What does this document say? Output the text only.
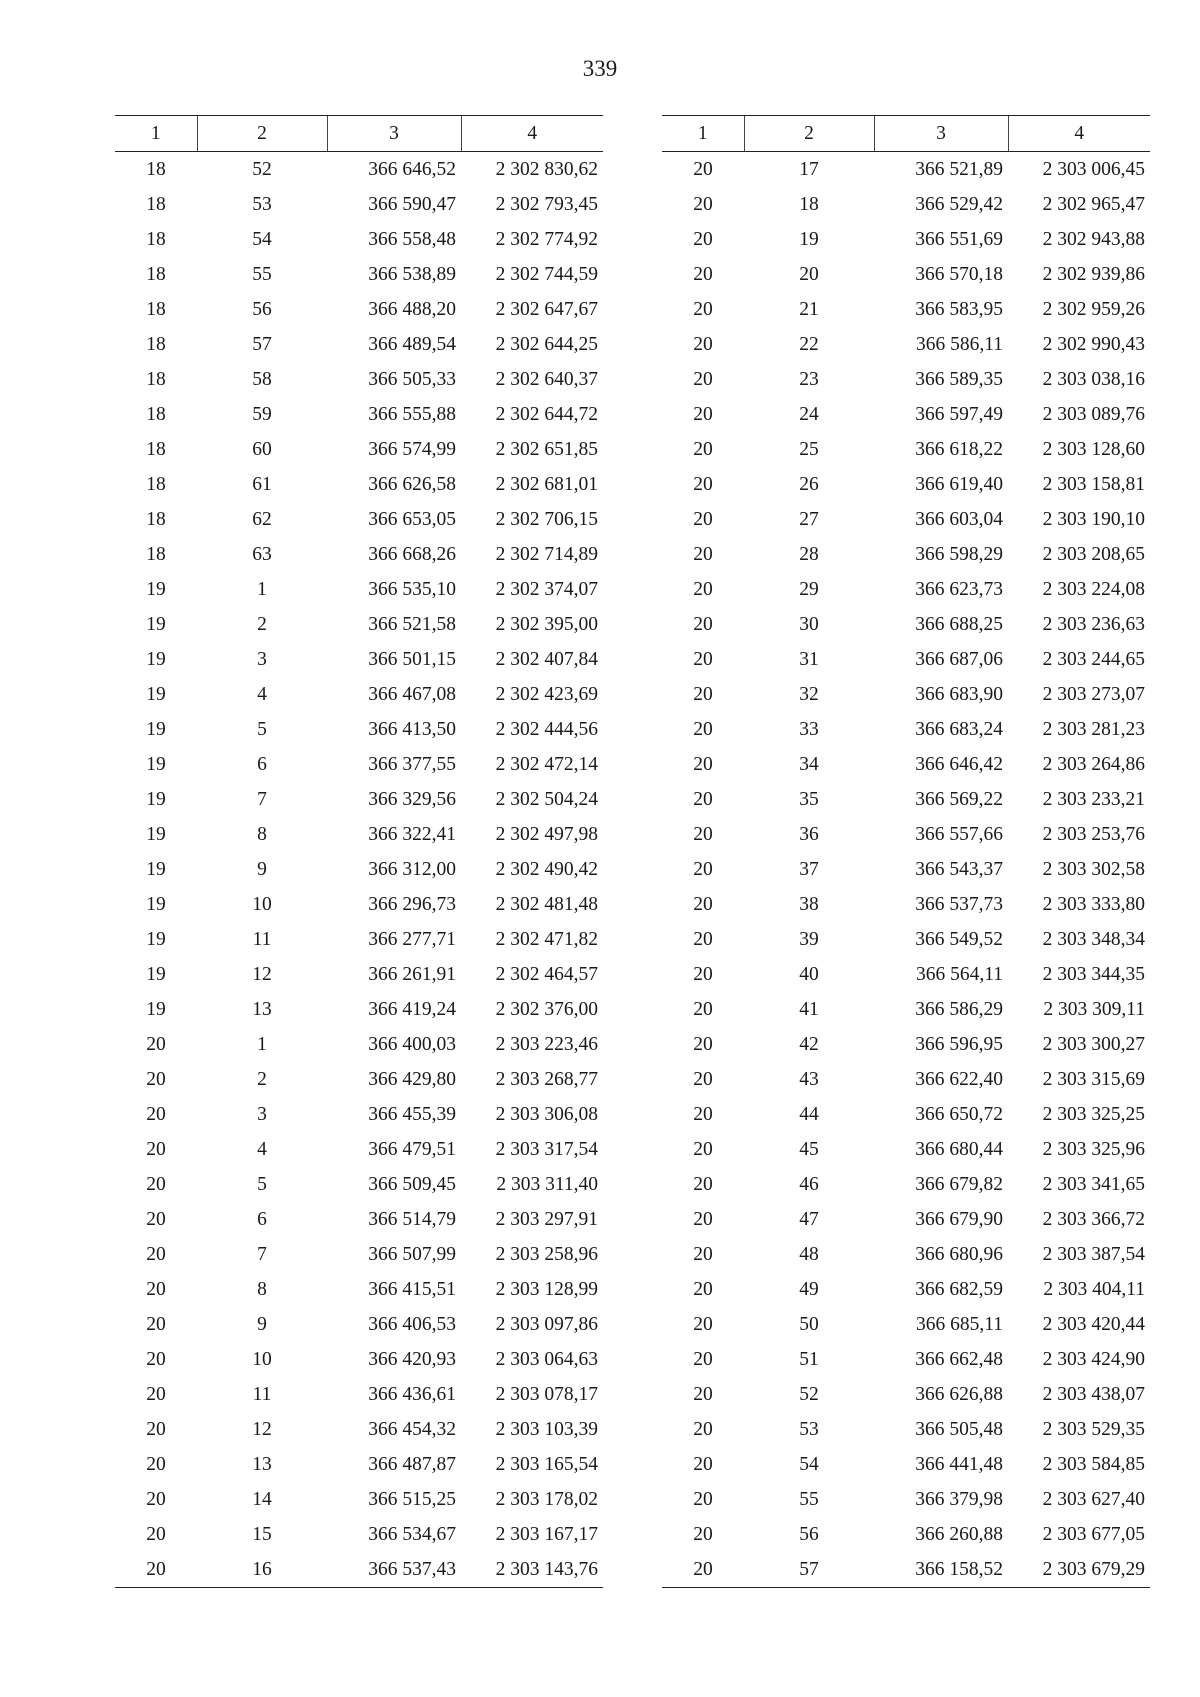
339
1	2	3	4
18	52	366 646,52	2 302 830,62
18	53	366 590,47	2 302 793,45
18	54	366 558,48	2 302 774,92
18	55	366 538,89	2 302 744,59
18	56	366 488,20	2 302 647,67
18	57	366 489,54	2 302 644,25
18	58	366 505,33	2 302 640,37
18	59	366 555,88	2 302 644,72
18	60	366 574,99	2 302 651,85
18	61	366 626,58	2 302 681,01
18	62	366 653,05	2 302 706,15
18	63	366 668,26	2 302 714,89
19	1	366 535,10	2 302 374,07
19	2	366 521,58	2 302 395,00
19	3	366 501,15	2 302 407,84
19	4	366 467,08	2 302 423,69
19	5	366 413,50	2 302 444,56
19	6	366 377,55	2 302 472,14
19	7	366 329,56	2 302 504,24
19	8	366 322,41	2 302 497,98
19	9	366 312,00	2 302 490,42
19	10	366 296,73	2 302 481,48
19	11	366 277,71	2 302 471,82
19	12	366 261,91	2 302 464,57
19	13	366 419,24	2 302 376,00
20	1	366 400,03	2 303 223,46
20	2	366 429,80	2 303 268,77
20	3	366 455,39	2 303 306,08
20	4	366 479,51	2 303 317,54
20	5	366 509,45	2 303 311,40
20	6	366 514,79	2 303 297,91
20	7	366 507,99	2 303 258,96
20	8	366 415,51	2 303 128,99
20	9	366 406,53	2 303 097,86
20	10	366 420,93	2 303 064,63
20	11	366 436,61	2 303 078,17
20	12	366 454,32	2 303 103,39
20	13	366 487,87	2 303 165,54
20	14	366 515,25	2 303 178,02
20	15	366 534,67	2 303 167,17
20	16	366 537,43	2 303 143,76
1	2	3	4
20	17	366 521,89	2 303 006,45
20	18	366 529,42	2 302 965,47
20	19	366 551,69	2 302 943,88
20	20	366 570,18	2 302 939,86
20	21	366 583,95	2 302 959,26
20	22	366 586,11	2 302 990,43
20	23	366 589,35	2 303 038,16
20	24	366 597,49	2 303 089,76
20	25	366 618,22	2 303 128,60
20	26	366 619,40	2 303 158,81
20	27	366 603,04	2 303 190,10
20	28	366 598,29	2 303 208,65
20	29	366 623,73	2 303 224,08
20	30	366 688,25	2 303 236,63
20	31	366 687,06	2 303 244,65
20	32	366 683,90	2 303 273,07
20	33	366 683,24	2 303 281,23
20	34	366 646,42	2 303 264,86
20	35	366 569,22	2 303 233,21
20	36	366 557,66	2 303 253,76
20	37	366 543,37	2 303 302,58
20	38	366 537,73	2 303 333,80
20	39	366 549,52	2 303 348,34
20	40	366 564,11	2 303 344,35
20	41	366 586,29	2 303 309,11
20	42	366 596,95	2 303 300,27
20	43	366 622,40	2 303 315,69
20	44	366 650,72	2 303 325,25
20	45	366 680,44	2 303 325,96
20	46	366 679,82	2 303 341,65
20	47	366 679,90	2 303 366,72
20	48	366 680,96	2 303 387,54
20	49	366 682,59	2 303 404,11
20	50	366 685,11	2 303 420,44
20	51	366 662,48	2 303 424,90
20	52	366 626,88	2 303 438,07
20	53	366 505,48	2 303 529,35
20	54	366 441,48	2 303 584,85
20	55	366 379,98	2 303 627,40
20	56	366 260,88	2 303 677,05
20	57	366 158,52	2 303 679,29
